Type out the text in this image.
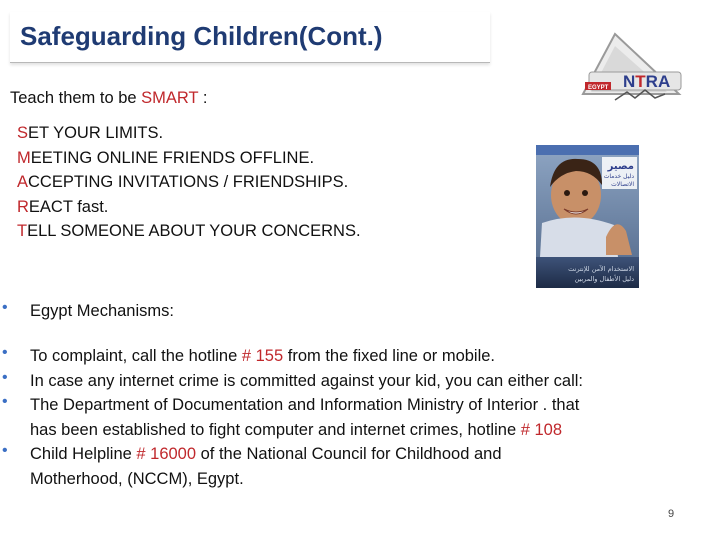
Safeguarding Children(Cont.)
NTRA
EGYPT
Teach them to be SMART :
SET YOUR LIMITS.
MEETING ONLINE FRIENDS OFFLINE.
ACCEPTING INVITATIONS / FRIENDSHIPS.
REACT fast.
TELL SOMEONE ABOUT YOUR CONCERNS.
مصير
دليل خدمات
الاتصالات
الاستخدام الآمن للإنترنت
دليل الأطفال والمربين
• Egypt Mechanisms:
• To complaint, call the hotline # 155 from the fixed line or mobile.
• In case any internet crime is committed against your kid, you can either call:
• The Department of Documentation and Information Ministry of Interior . that
has been established to fight computer and internet crimes, hotline # 108
• Child Helpline # 16000 of the National Council for Childhood and
Motherhood, (NCCM), Egypt.
9
